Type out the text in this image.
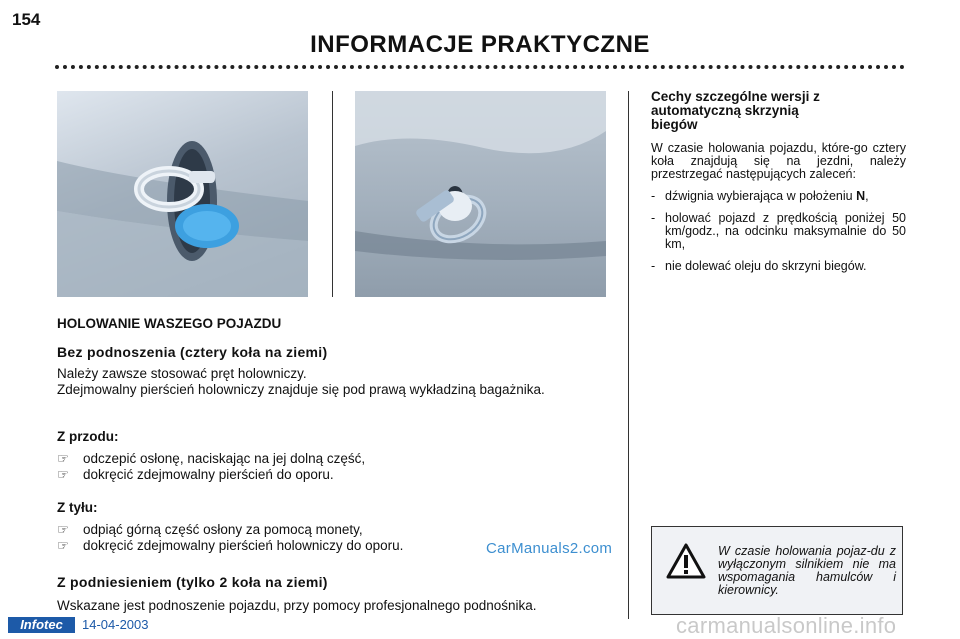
154
INFORMACJE PRAKTYCZNE
HOLOWANIE WASZEGO POJAZDU
Bez podnoszenia (cztery koła na ziemi)
Należy zawsze stosować pręt holowniczy.
Zdejmowalny pierścień holowniczy znajduje się pod prawą wykładziną bagażnika.
Z przodu:
☞ odczepić osłonę, naciskając na jej dolną część,
☞ dokręcić zdejmowalny pierścień do oporu.
Z tyłu:
☞ odpiąć górną część osłony za pomocą monety,
☞ dokręcić zdejmowalny pierścień holowniczy do oporu.
Z podniesieniem (tylko 2 koła na ziemi)
Wskazane jest podnoszenie pojazdu, przy pomocy profesjonalnego podnośnika.
Cechy szczególne wersji z
automatyczną skrzynią
biegów
W czasie holowania pojazdu, które-go cztery koła znajdują się na jezdni, należy przestrzegać następujących zaleceń:
- dźwignia wybierająca w położeniu N,
- holować pojazd z prędkością poniżej 50 km/godz., na odcinku maksymalnie do 50 km,
- nie dolewać oleju do skrzyni biegów.
W czasie holowania pojaz-du z wyłączonym silnikiem nie ma wspomagania hamulców i kierownicy.
CarManuals2.com
Infotec	14-04-2003	carmanualsonline.info
